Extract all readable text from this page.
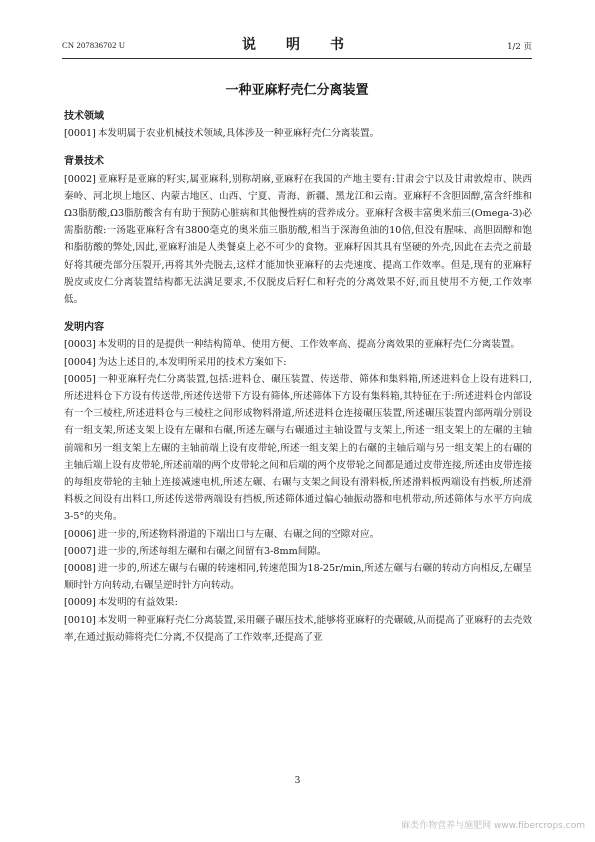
CN 207836702 U	说　明　书	1/2 页
一种亚麻籽壳仁分离装置

技术领域

[0001] 本发明属于农业机械技术领域,具体涉及一种亚麻籽壳仁分离装置。

背景技术

[0002] 亚麻籽是亚麻的籽实,属亚麻科,别称胡麻,亚麻籽在我国的产地主要有:甘肃会宁以及甘肃敦煌市、陕西秦岭、河北坝上地区、内蒙古地区、山西、宁夏、青海、新疆、黑龙江和云南。亚麻籽不含胆固醇,富含纤维和Ω3脂肪酸,Ω3脂肪酸含有有助于预防心脏病和其他慢性病的营养成分。亚麻籽含极丰富奥米茄三(Omega-3)必需脂肪酸:一汤匙亚麻籽含有3800毫克的奥米茄三脂肪酸,相当于深海鱼油的10倍,但没有腥味、高胆固醇和饱和脂肪酸的弊处,因此,亚麻籽油是人类餐桌上必不可少的食物。亚麻籽因其具有坚硬的外壳,因此在去壳之前最好将其硬壳部分压裂开,再将其外壳脱去,这样才能加快亚麻籽的去壳速度、提高工作效率。但是,现有的亚麻籽脱皮或皮仁分离装置结构都无法满足要求,不仅脱皮后籽仁和籽壳的分离效果不好,而且使用不方便,工作效率低。

发明内容

[0003] 本发明的目的是提供一种结构简单、使用方便、工作效率高、提高分离效果的亚麻籽壳仁分离装置。

[0004] 为达上述目的,本发明所采用的技术方案如下:

[0005] 一种亚麻籽壳仁分离装置,包括:进料仓、碾压装置、传送带、筛体和集料箱,所述进料仓上设有进料口,所述进料仓下方设有传送带,所述传送带下方设有筛体,所述筛体下方设有集料箱,其特征在于:所述进料仓内部设有一个三棱柱,所述进料仓与三棱柱之间形成物料滑道,所述进料仓连接碾压装置,所述碾压装置内部两端分别设有一组支架,所述支架上设有左碾和右碾,所述左碾与右碾通过主轴设置与支架上,所述一组支架上的左碾的主轴前端和另一组支架上左碾的主轴前端上设有皮带轮,所述一组支架上的右碾的主轴后端与另一组支架上的右碾的主轴后端上设有皮带轮,所述前端的两个皮带轮之间和后端的两个皮带轮之间都是通过皮带连接,所述由皮带连接的每组皮带轮的主轴上连接减速电机,所述左碾、右碾与支架之间设有滑料板,所述滑料板两端设有挡板,所述滑料板之间设有出料口,所述传送带两端设有挡板,所述筛体通过偏心轴振动器和电机带动,所述筛体与水平方向成3-5°的夹角。

[0006] 进一步的,所述物料滑道的下端出口与左碾、右碾之间的空隙对应。

[0007] 进一步的,所述每组左碾和右碾之间留有3-8mm间隙。

[0008] 进一步的,所述左碾与右碾的转速相同,转速范围为18-25r/min,所述左碾与右碾的转动方向相反,左碾呈顺时针方向转动,右碾呈逆时针方向转动。

[0009] 本发明的有益效果:

[0010] 本发明一种亚麻籽壳仁分离装置,采用碾子碾压技术,能够将亚麻籽的壳碾破,从而提高了亚麻籽的去壳效率,在通过振动筛将壳仁分离,不仅提高了工作效率,还提高了亚

3
麻类作物营养与施肥网 www.fibercrops.com
